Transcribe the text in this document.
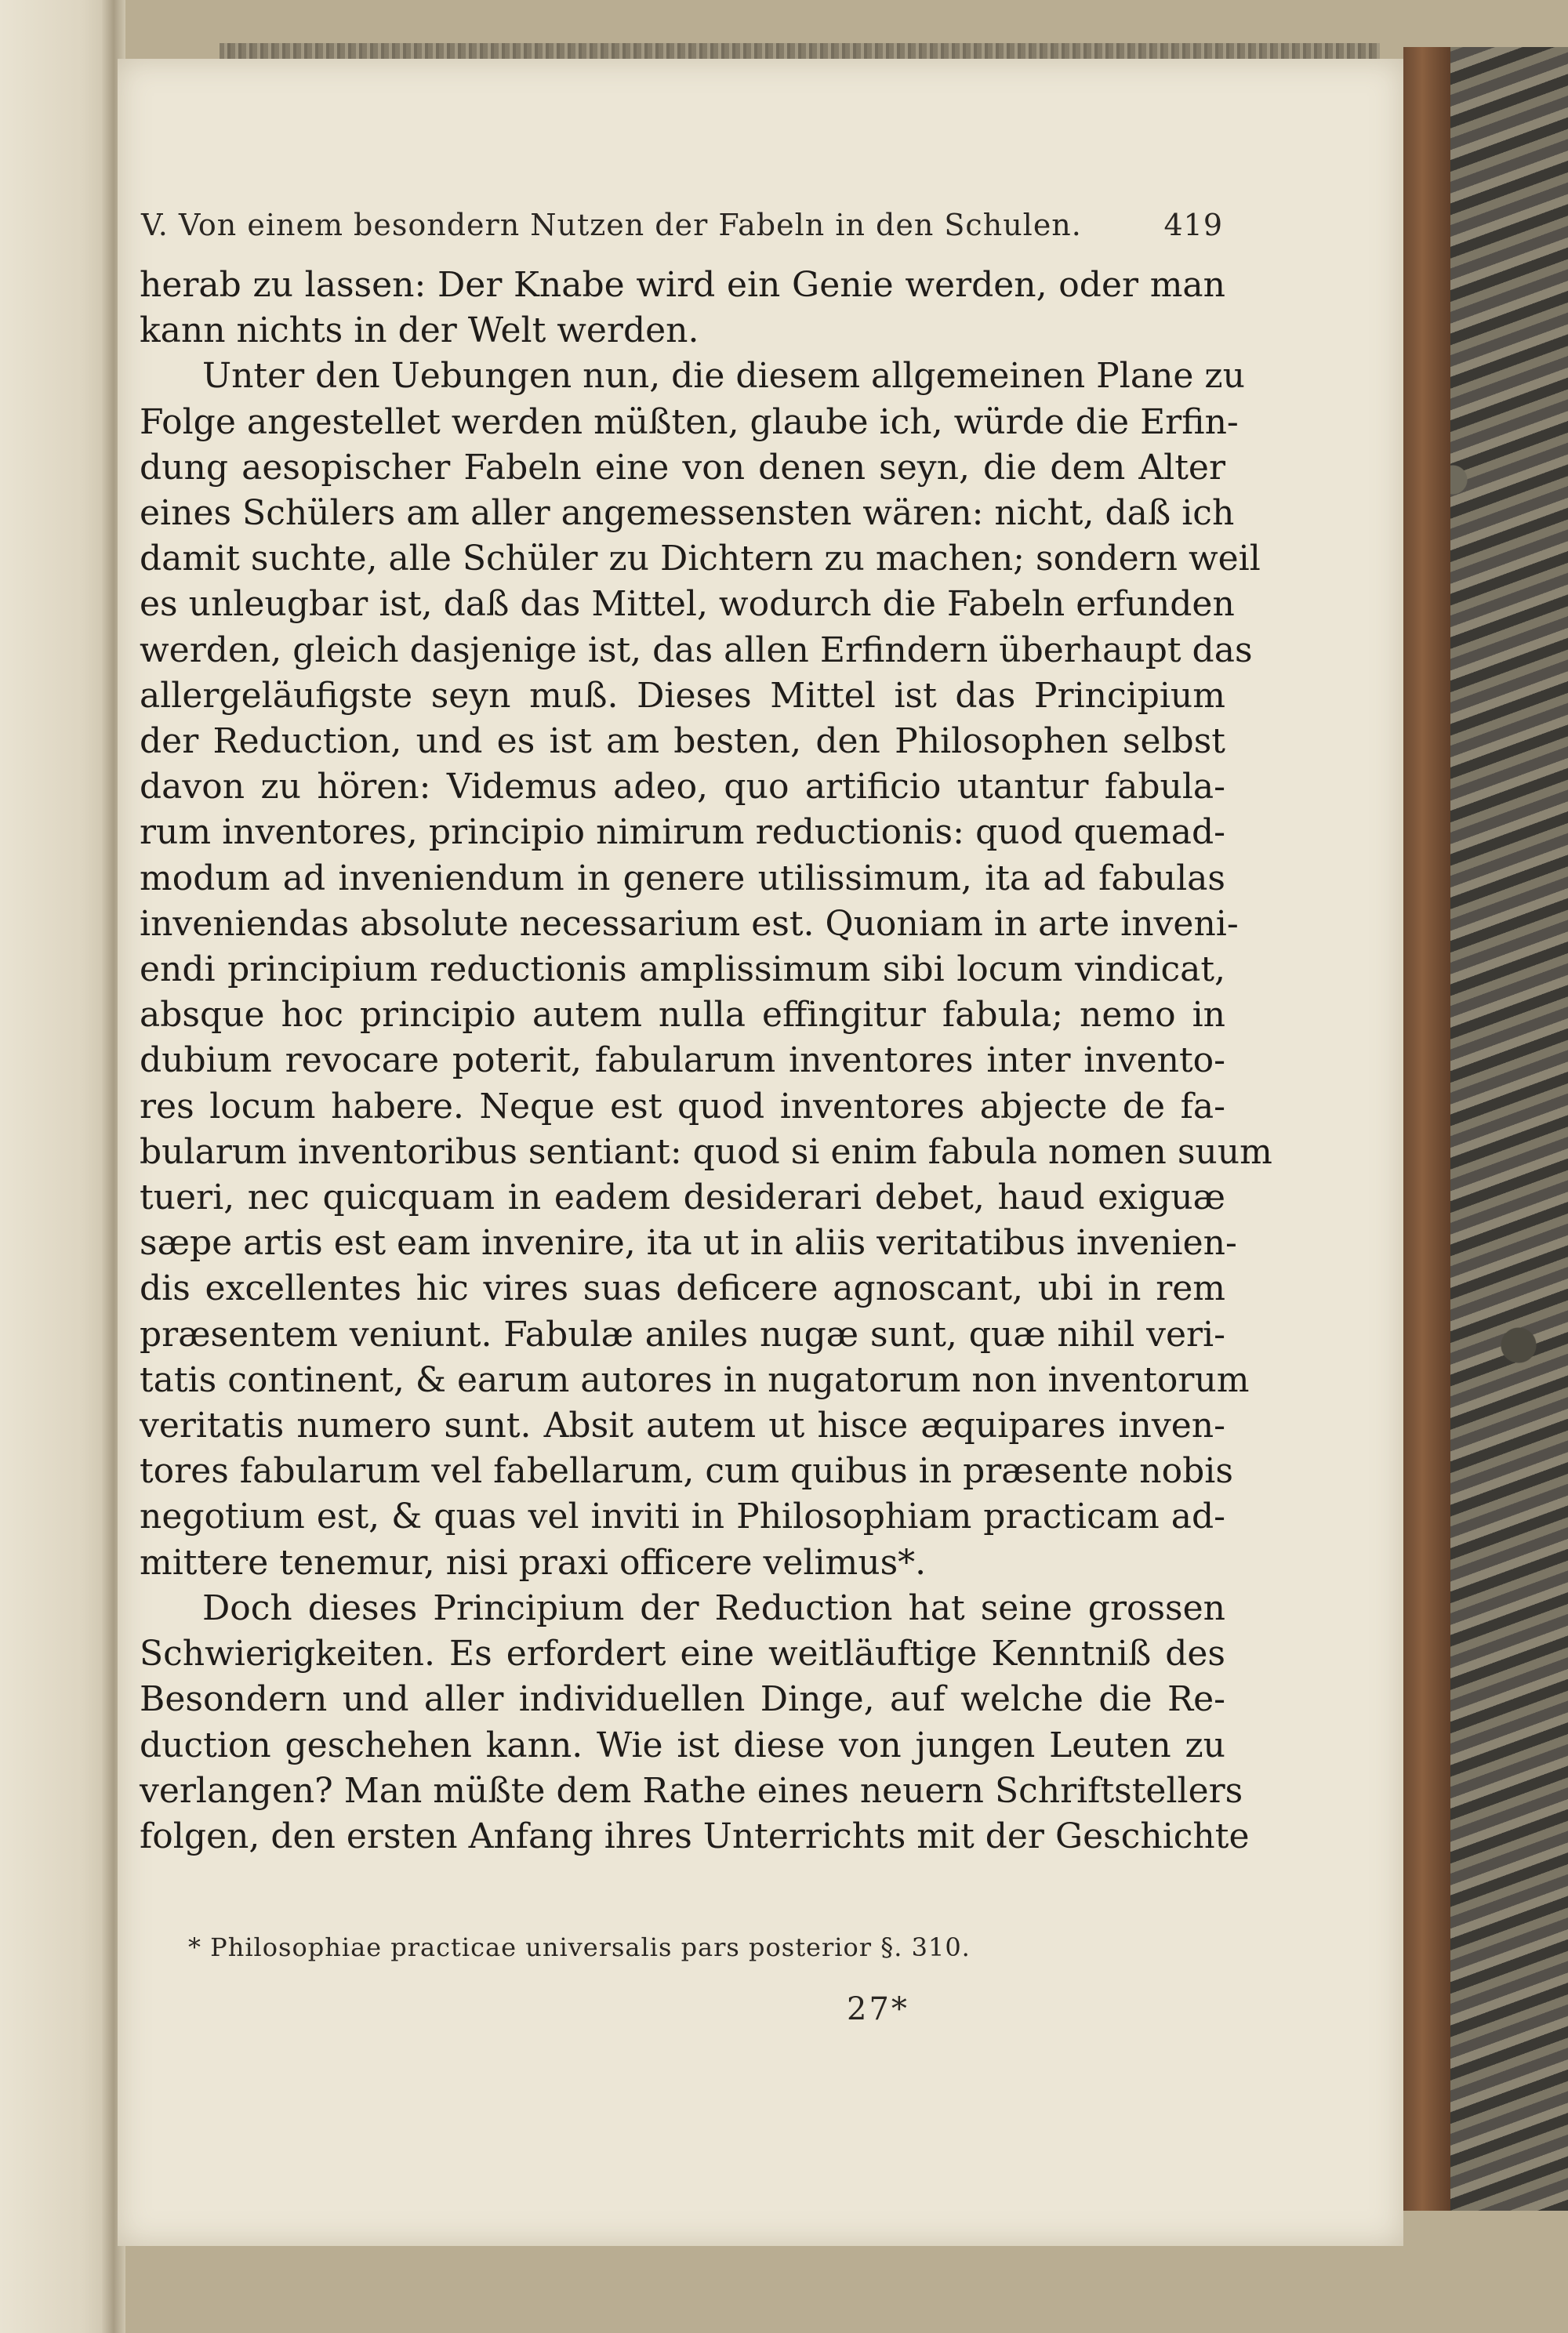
V. Von einem besondern Nutzen der Fabeln in den Schulen.	419
herab zu lassen: Der Knabe wird ein Genie werden, oder man
kann nichts in der Welt werden.
Unter den Uebungen nun, die diesem allgemeinen Plane zu
Folge angestellet werden müßten, glaube ich, würde die Erfin-
dung aesopischer Fabeln eine von denen seyn, die dem Alter
eines Schülers am aller angemessensten wären: nicht, daß ich
damit suchte, alle Schüler zu Dichtern zu machen; sondern weil
es unleugbar ist, daß das Mittel, wodurch die Fabeln erfunden
werden, gleich dasjenige ist, das allen Erfindern überhaupt das
allergeläufigste seyn muß. Dieses Mittel ist das Principium
der Reduction, und es ist am besten, den Philosophen selbst
davon zu hören: Videmus adeo, quo artificio utantur fabula-
rum inventores, principio nimirum reductionis: quod quemad-
modum ad inveniendum in genere utilissimum, ita ad fabulas
inveniendas absolute necessarium est. Quoniam in arte inveni-
endi principium reductionis amplissimum sibi locum vindicat,
absque hoc principio autem nulla effingitur fabula; nemo in
dubium revocare poterit, fabularum inventores inter invento-
res locum habere. Neque est quod inventores abjecte de fa-
bularum inventoribus sentiant: quod si enim fabula nomen suum
tueri, nec quicquam in eadem desiderari debet, haud exiguæ
sæpe artis est eam invenire, ita ut in aliis veritatibus invenien-
dis excellentes hic vires suas deficere agnoscant, ubi in rem
præsentem veniunt. Fabulæ aniles nugæ sunt, quæ nihil veri-
tatis continent, & earum autores in nugatorum non inventorum
veritatis numero sunt. Absit autem ut hisce æquipares inven-
tores fabularum vel fabellarum, cum quibus in præsente nobis
negotium est, & quas vel inviti in Philosophiam practicam ad-
mittere tenemur, nisi praxi officere velimus*.
Doch dieses Principium der Reduction hat seine grossen
Schwierigkeiten. Es erfordert eine weitläuftige Kenntniß des
Besondern und aller individuellen Dinge, auf welche die Re-
duction geschehen kann. Wie ist diese von jungen Leuten zu
verlangen? Man müßte dem Rathe eines neuern Schriftstellers
folgen, den ersten Anfang ihres Unterrichts mit der Geschichte
* Philosophiae practicae universalis pars posterior §. 310.
27*
